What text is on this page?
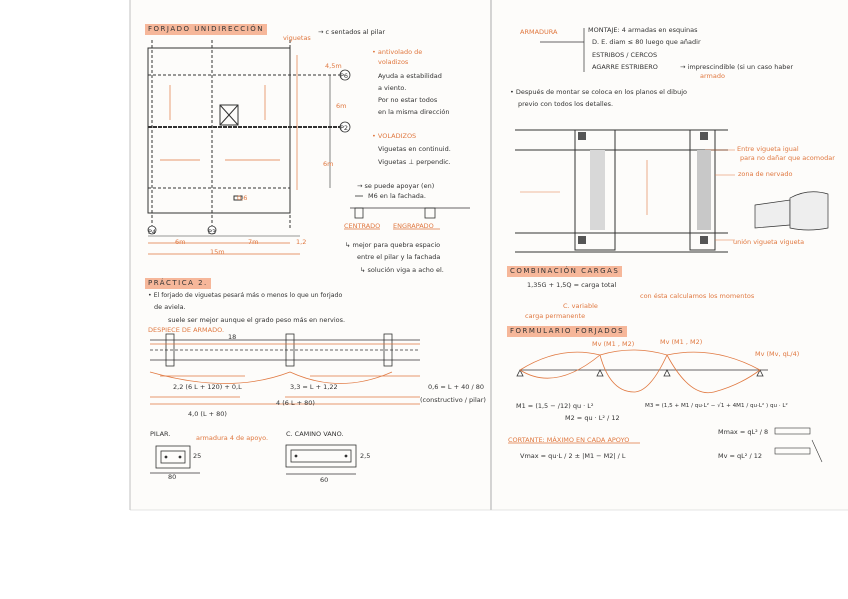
FORJADO UNIDIRECCIÓN	→ c sentados al pilar
viguetas
4,5m
P6
P2
P4	P3
6m
6m
0,6
6m	7m	1,2
15m
• antivolado de
voladizos
Ayuda a estabilidad
a viento.
Por no estar todos
en la misma dirección
• VOLADIZOS
Viguetas en continuid.
Viguetas ⊥ perpendic.
→ se puede apoyar (en)
M6 en la fachada.
CENTRADO ENGRAPADO
↳ mejor para quebra espacio
entre el pilar y la fachada
↳ solución viga a acho el.
PRÁCTICA 2.
• El forjado de viguetas pesará más o menos lo que un forjado
de aviela.
suele ser mejor aunque el grado peso más en nervios.
DESPIECE DE ARMADO.
18
2,2 (6 L + 120) + 0,L	3,3 = L + 1,22	0,6 = L + 40 / 80
4 (6 L + 80)	(constructivo / pilar)
4,0 (L + 80)
PILAR.	C. CAMINO VANO.
armadura 4 de apoyo.
25
80
2,5
60
ARMADURA	MONTAJE: 4 armadas en esquinas
D. E. diam ≤ 80 luego que añadir
ESTRIBOS / CERCOS
AGARRE ESTRIBERO	→ imprescindible (si un caso haber
armado
• Después de montar se coloca en los planos el dibujo
previo con todos los detalles.
Entre vigueta igual
para no dañar que acomodar
zona de nervado
unión vigueta vigueta
COMBINACIÓN CARGAS
1,35G + 1,5Q = carga total
con ésta calculamos los momentos
C. variable
carga permanente
FORMULARIO FORJADOS
Mv (M1 , M2)	Mv (M1 , M2)
Mv (Mv, qL/4)
M1 = (1,5 − /12) qu · L²
M2 = qu · L² / 12
M3 = (1,5 + M1 / qu·L² − √1 + 4M1 / qu·L² ) qu · L²
Mmax = qL² / 8
CORTANTE: MÁXIMO EN CADA APOYO
Vmax = qu·L / 2 ± |M1 − M2| / L	Mv = qL² / 12
